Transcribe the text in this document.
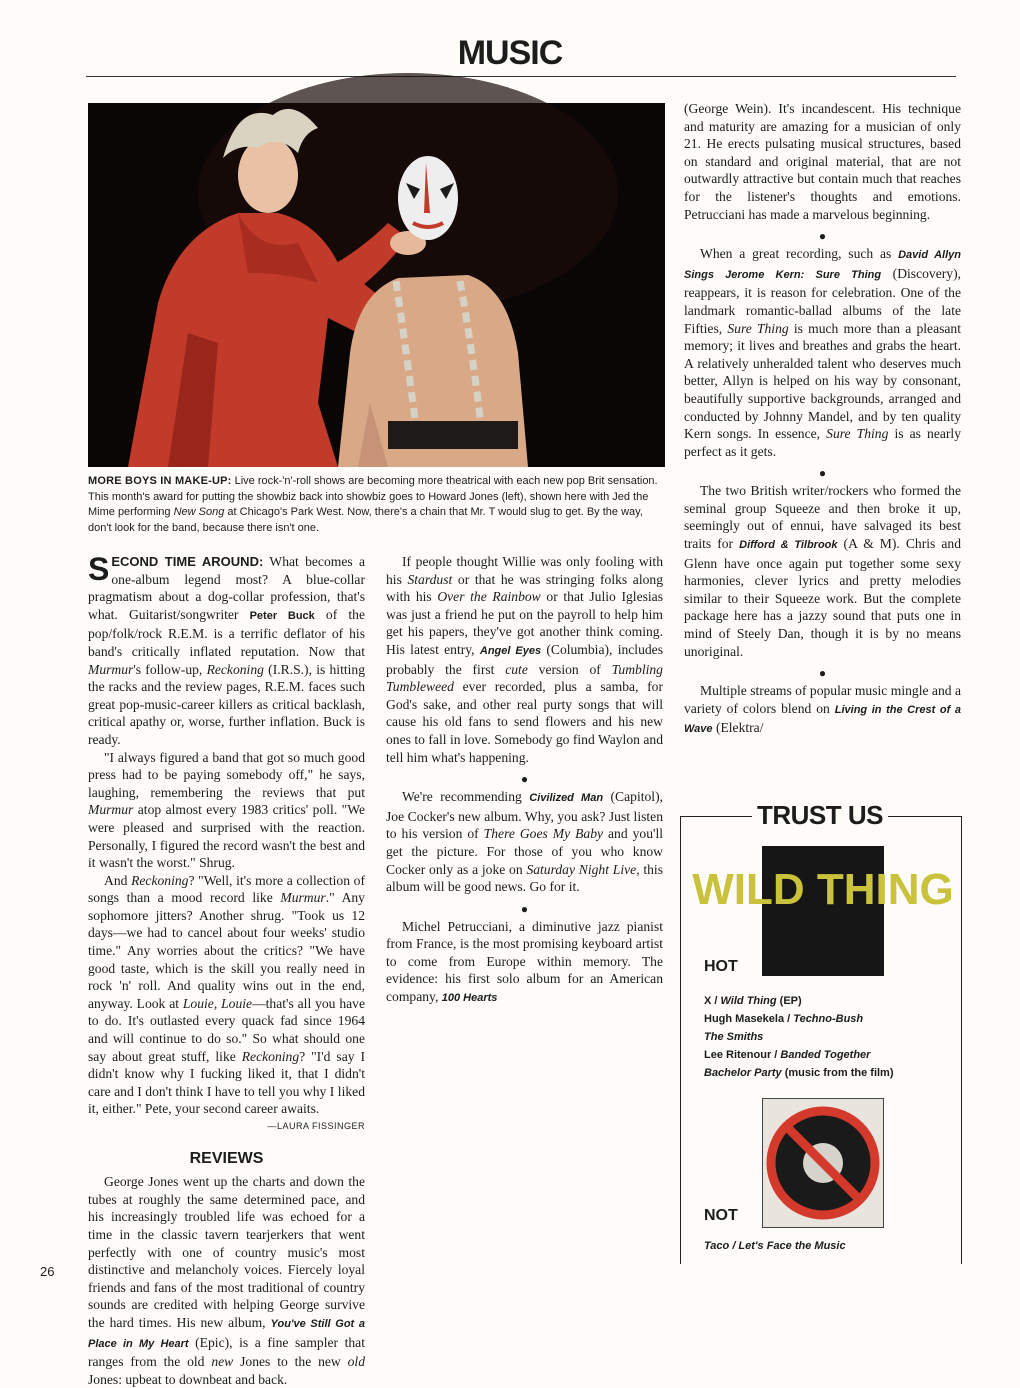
MUSIC
MORE BOYS IN MAKE-UP: Live rock-'n'-roll shows are becoming more theatrical with each new pop Brit sensation. This month's award for putting the showbiz back into showbiz goes to Howard Jones (left), shown here with Jed the Mime performing New Song at Chicago's Park West. Now, there's a chain that Mr. T would slug to get. By the way, don't look for the band, because there isn't one.

SECOND TIME AROUND: What becomes a one-album legend most? A blue-collar pragmatism about a dog-collar profession, that's what. Guitarist/songwriter Peter Buck of the pop/folk/rock R.E.M. is a terrific deflator of his band's critically inflated reputation. Now that Murmur's follow-up, Reckoning (I.R.S.), is hitting the racks and the review pages, R.E.M. faces such great pop-music-career killers as critical backlash, critical apathy or, worse, further inflation. Buck is ready.

"I always figured a band that got so much good press had to be paying somebody off," he says, laughing, remembering the reviews that put Murmur atop almost every 1983 critics' poll. "We were pleased and surprised with the reaction. Personally, I figured the record wasn't the best and it wasn't the worst." Shrug.

And Reckoning? "Well, it's more a collection of songs than a mood record like Murmur." Any sophomore jitters? Another shrug. "Took us 12 days—we had to cancel about four weeks' studio time." Any worries about the critics? "We have good taste, which is the skill you really need in rock 'n' roll. And quality wins out in the end, anyway. Look at Louie, Louie—that's all you have to do. It's outlasted every quack fad since 1964 and will continue to do so." So what should one say about great stuff, like Reckoning? "I'd say I didn't know why I fucking liked it, that I didn't care and I don't think I have to tell you why I liked it, either." Pete, your second career awaits.
—LAURA FISSINGER

REVIEWS

George Jones went up the charts and down the tubes at roughly the same determined pace, and his increasingly troubled life was echoed for a time in the classic tavern tearjerkers that went perfectly with one of country music's most distinctive and melancholy voices. Fiercely loyal friends and fans of the most traditional of country sounds are credited with helping George survive the hard times. His new album, You've Still Got a Place in My Heart (Epic), is a fine sampler that ranges from the old new Jones to the new old Jones: upbeat to downbeat and back.

If people thought Willie was only fooling with his Stardust or that he was stringing folks along with his Over the Rainbow or that Julio Iglesias was just a friend he put on the payroll to help him get his papers, they've got another think coming. His latest entry, Angel Eyes (Columbia), includes probably the first cute version of Tumbling Tumbleweed ever recorded, plus a samba, for God's sake, and other real purty songs that will cause his old fans to send flowers and his new ones to fall in love. Somebody go find Waylon and tell him what's happening.

●

We're recommending Civilized Man (Capitol), Joe Cocker's new album. Why, you ask? Just listen to his version of There Goes My Baby and you'll get the picture. For those of you who know Cocker only as a joke on Saturday Night Live, this album will be good news. Go for it.

●

Michel Petrucciani, a diminutive jazz pianist from France, is the most promising keyboard artist to come from Europe within memory. The evidence: his first solo album for an American company, 100 Hearts

(George Wein). It's incandescent. His technique and maturity are amazing for a musician of only 21. He erects pulsating musical structures, based on standard and original material, that are not outwardly attractive but contain much that reaches for the listener's thoughts and emotions. Petrucciani has made a marvelous beginning.

●

When a great recording, such as David Allyn Sings Jerome Kern: Sure Thing (Discovery), reappears, it is reason for celebration. One of the landmark romantic-ballad albums of the late Fifties, Sure Thing is much more than a pleasant memory; it lives and breathes and grabs the heart. A relatively unheralded talent who deserves much better, Allyn is helped on his way by consonant, beautifully supportive backgrounds, arranged and conducted by Johnny Mandel, and by ten quality Kern songs. In essence, Sure Thing is as nearly perfect as it gets.

●

The two British writer/rockers who formed the seminal group Squeeze and then broke it up, seemingly out of ennui, have salvaged its best traits for Difford & Tilbrook (A & M). Chris and Glenn have once again put together some sexy harmonies, clever lyrics and pretty melodies similar to their Squeeze work. But the complete package here has a jazzy sound that puts one in mind of Steely Dan, though it is by no means unoriginal.

●

Multiple streams of popular music mingle and a variety of colors blend on Living in the Crest of a Wave (Elektra/

TRUST US
WILD THING
HOT
X / Wild Thing (EP)
Hugh Masekela / Techno-Bush
The Smiths
Lee Ritenour / Banded Together
Bachelor Party (music from the film)
NOT
Taco / Let's Face the Music
26
